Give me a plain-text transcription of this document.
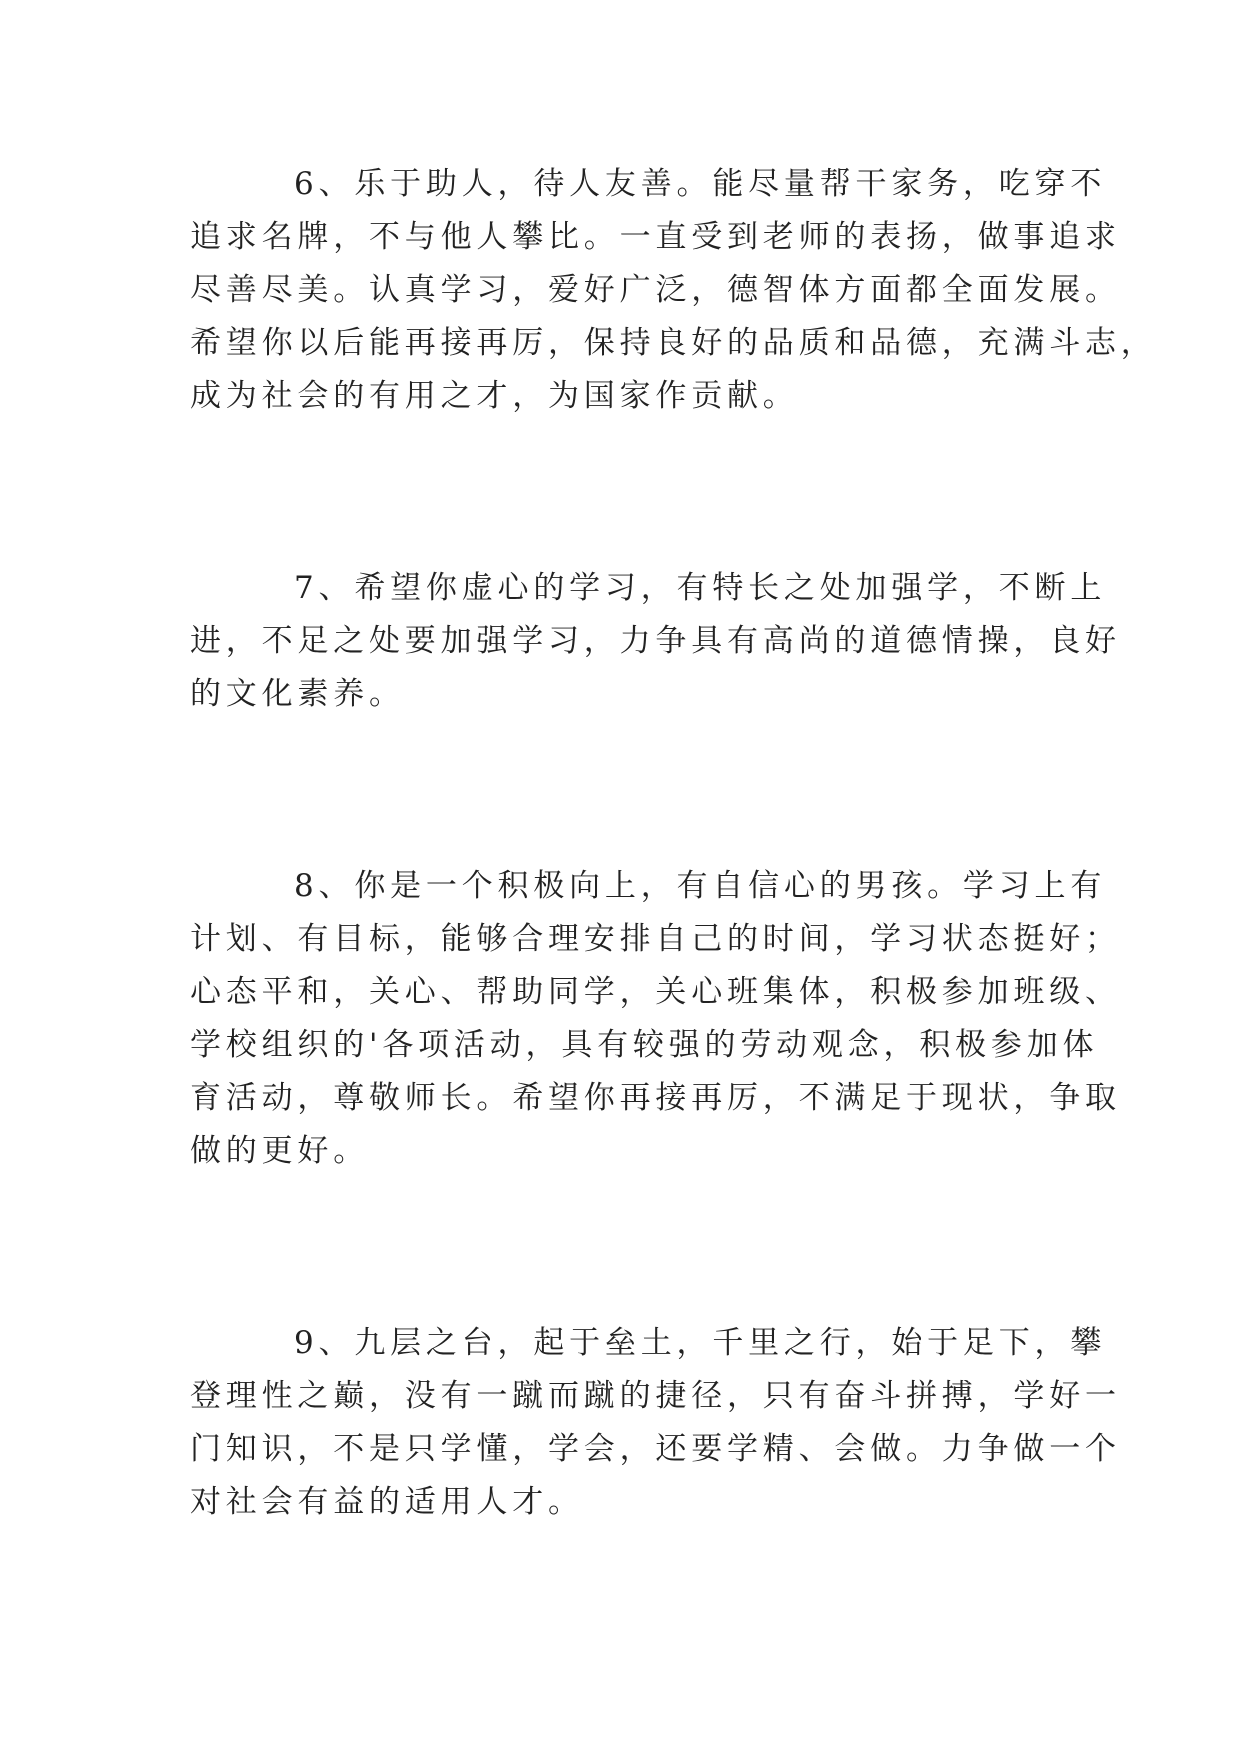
6、乐于助人，待人友善。能尽量帮干家务，吃穿不
追求名牌，不与他人攀比。一直受到老师的表扬，做事追求
尽善尽美。认真学习，爱好广泛，德智体方面都全面发展。
希望你以后能再接再厉，保持良好的品质和品德，充满斗志，
成为社会的有用之才，为国家作贡献。
7、希望你虚心的学习，有特长之处加强学，不断上
进，不足之处要加强学习，力争具有高尚的道德情操，良好
的文化素养。
8、你是一个积极向上，有自信心的男孩。学习上有
计划、有目标，能够合理安排自己的时间，学习状态挺好；
心态平和，关心、帮助同学，关心班集体，积极参加班级、
学校组织的'各项活动，具有较强的劳动观念，积极参加体
育活动，尊敬师长。希望你再接再厉，不满足于现状，争取
做的更好。
9、九层之台，起于垒土，千里之行，始于足下，攀
登理性之巅，没有一蹴而蹴的捷径，只有奋斗拼搏，学好一
门知识，不是只学懂，学会，还要学精、会做。力争做一个
对社会有益的适用人才。
